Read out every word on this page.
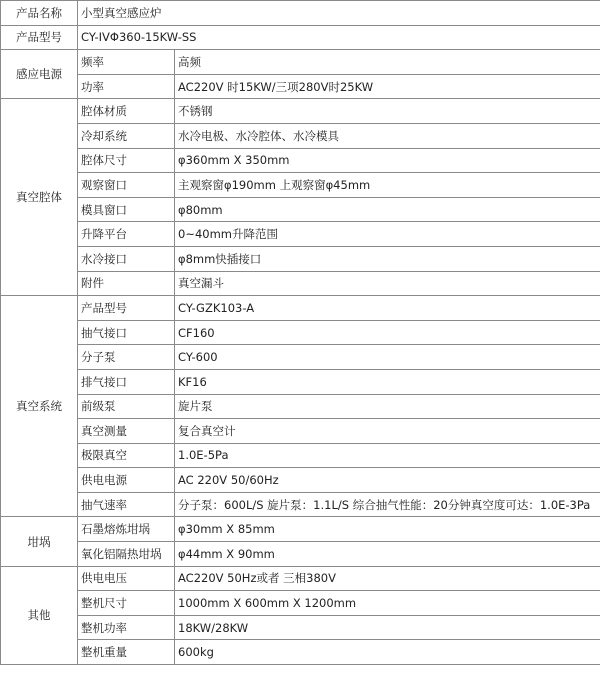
产品名称	小型真空感应炉	
产品型号	CY-IVΦ360-15KW-SS	
感应电源	频率	高频
	功率	AC220V 时15KW/三项280V时25KW
真空腔体	腔体材质	不锈钢
	冷却系统	水冷电极、水冷腔体、水冷模具
	腔体尺寸	φ360mm X 350mm
	观察窗口	主观察窗φ190mm 上观察窗φ45mm
	模具窗口	φ80mm
	升降平台	0~40mm升降范围
	水冷接口	φ8mm快插接口
	附件	真空漏斗
真空系统	产品型号	CY-GZK103-A
	抽气接口	CF160
	分子泵	CY-600
	排气接口	KF16
	前级泵	旋片泵
	真空测量	复合真空计
	极限真空	1.0E-5Pa
	供电电源	AC 220V 50/60Hz
	抽气速率	分子泵：600L/S 旋片泵：1.1L/S 综合抽气性能：20分钟真空度可达：1.0E-3Pa
坩埚	石墨熔炼坩埚	φ30mm X 85mm
	氧化铝隔热坩埚	φ44mm X 90mm
其他	供电电压	AC220V 50Hz或者 三相380V
	整机尺寸	1000mm X 600mm X 1200mm
	整机功率	18KW/28KW
	整机重量	600kg
